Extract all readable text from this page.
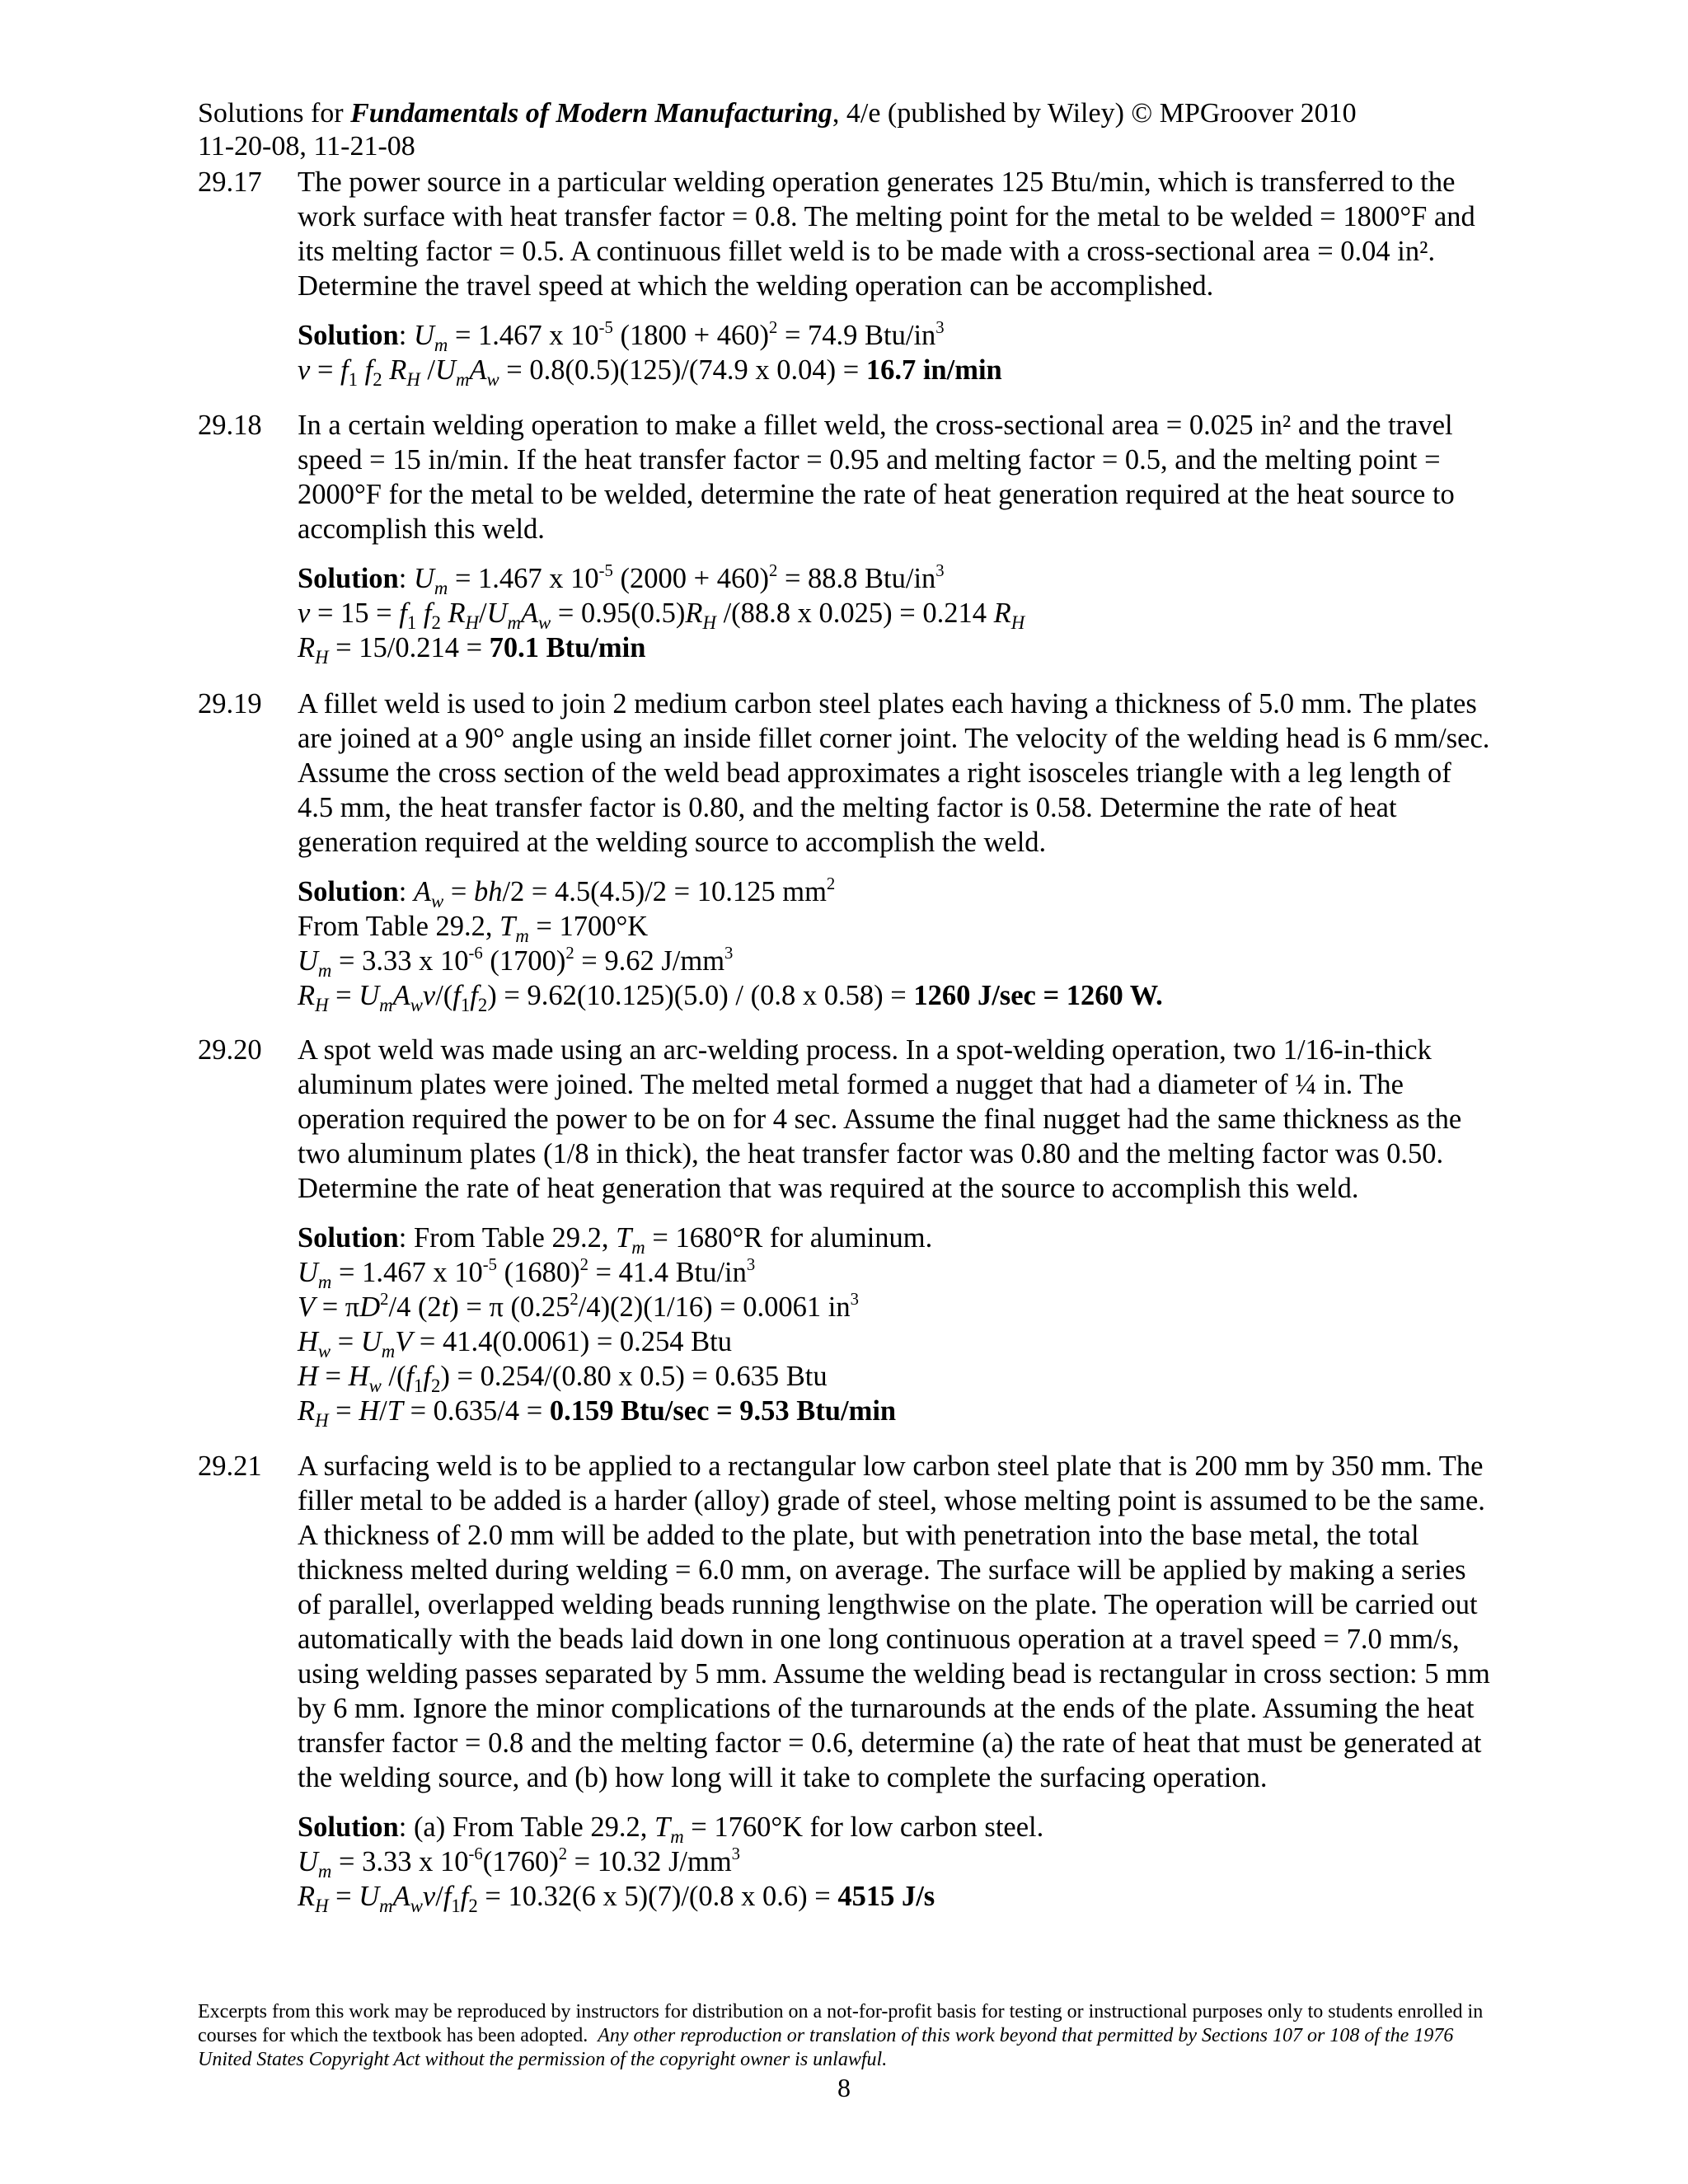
Solutions for Fundamentals of Modern Manufacturing, 4/e (published by Wiley) © MPGroover 2010
11-20-08, 11-21-08
29.17 The power source in a particular welding operation generates 125 Btu/min, which is transferred to the work surface with heat transfer factor = 0.8. The melting point for the metal to be welded = 1800°F and its melting factor = 0.5. A continuous fillet weld is to be made with a cross-sectional area = 0.04 in². Determine the travel speed at which the welding operation can be accomplished.
Solution: $U_m = 1.467$ x $10^{-5}$ $(1800 + 460)^2 = 74.9$ Btu/$in^3$
$v = f_1$ $f_2$ $R_H$ $/U_mA_w = 0.8(0.5)(125)/(74.9$ x 0.04) = 16.7 in/min
29.18 In a certain welding operation to make a fillet weld, the cross-sectional area = 0.025 in² and the travel speed = 15 in/min. If the heat transfer factor = 0.95 and melting factor = 0.5, and the melting point = 2000°F for the metal to be welded, determine the rate of heat generation required at the heat source to accomplish this weld.
Solution: $U_m = 1.467$ x $10^{-5}$ $(2000 + 460)^2 = 88.8$ Btu/$in^3$
$v = 15 = f_1$ $f_2$ $R_H/U_mA_w = 0.95(0.5)R_H$ /(88.8 x 0.025) = 0.214 $R_H$
$R_H = 15/0.214 = 70.1$ Btu/min
29.19 A fillet weld is used to join 2 medium carbon steel plates each having a thickness of 5.0 mm. The plates are joined at a 90° angle using an inside fillet corner joint. The velocity of the welding head is 6 mm/sec. Assume the cross section of the weld bead approximates a right isosceles triangle with a leg length of 4.5 mm, the heat transfer factor is 0.80, and the melting factor is 0.58. Determine the rate of heat generation required at the welding source to accomplish the weld.
Solution: $A_w = bh/2 = 4.5(4.5)/2 = 10.125$ $mm^2$
From Table 29.2, $T_m = 1700^\circ K$
$U_m = 3.33$ x $10^{-6}$ $(1700)^2 = 9.62$ $J/mm^3$
$R_H = U_mA_wv/(f_1f_2) = 9.62(10.125)(5.0) / (0.8$ x 0.58) = 1260 J/sec = 1260 W.
29.20 A spot weld was made using an arc-welding process. In a spot-welding operation, two 1/16-in-thick aluminum plates were joined. The melted metal formed a nugget that had a diameter of ¼ in. The operation required the power to be on for 4 sec. Assume the final nugget had the same thickness as the two aluminum plates (1/8 in thick), the heat transfer factor was 0.80 and the melting factor was 0.50. Determine the rate of heat generation that was required at the source to accomplish this weld.
Solution: From Table 29.2, $T_m = 1680^\circ R$ for aluminum.
$U_m = 1.467$ x $10^{-5}$ $(1680)^2 = 41.4$ Btu/$in^3$
$V = \pi D^2/4$ (2t) = π $(0.25^2/4)(2)(1/16) = 0.0061$ $in^3$
$H_w = U_mV = 41.4(0.0061) = 0.254$ Btu
$H = H_w$ $/(f_1f_2) = 0.254/(0.80$ x 0.5) = 0.635 Btu
$R_H = H/T = 0.635/4 = 0.159$ Btu/sec = 9.53 Btu/min
29.21 A surfacing weld is to be applied to a rectangular low carbon steel plate that is 200 mm by 350 mm. The filler metal to be added is a harder (alloy) grade of steel, whose melting point is assumed to be the same. A thickness of 2.0 mm will be added to the plate, but with penetration into the base metal, the total thickness melted during welding = 6.0 mm, on average. The surface will be applied by making a series of parallel, overlapped welding beads running lengthwise on the plate. The operation will be carried out automatically with the beads laid down in one long continuous operation at a travel speed = 7.0 mm/s, using welding passes separated by 5 mm. Assume the welding bead is rectangular in cross section: 5 mm by 6 mm. Ignore the minor complications of the turnarounds at the ends of the plate. Assuming the heat transfer factor = 0.8 and the melting factor = 0.6, determine (a) the rate of heat that must be generated at the welding source, and (b) how long will it take to complete the surfacing operation.
Solution: (a) From Table 29.2, $T_m = 1760^\circ K$ for low carbon steel.
$U_m = 3.33$ x $10^{-6}(1760)^2 = 10.32$ $J/mm^3$
$R_H = U_mA_wv/f_1f_2 = 10.32(6$ x 5)(7)/(0.8 x 0.6) = 4515 J/s
Excerpts from this work may be reproduced by instructors for distribution on a not-for-profit basis for testing or instructional purposes only to students enrolled in courses for which the textbook has been adopted. Any other reproduction or translation of this work beyond that permitted by Sections 107 or 108 of the 1976 United States Copyright Act without the permission of the copyright owner is unlawful.
8
